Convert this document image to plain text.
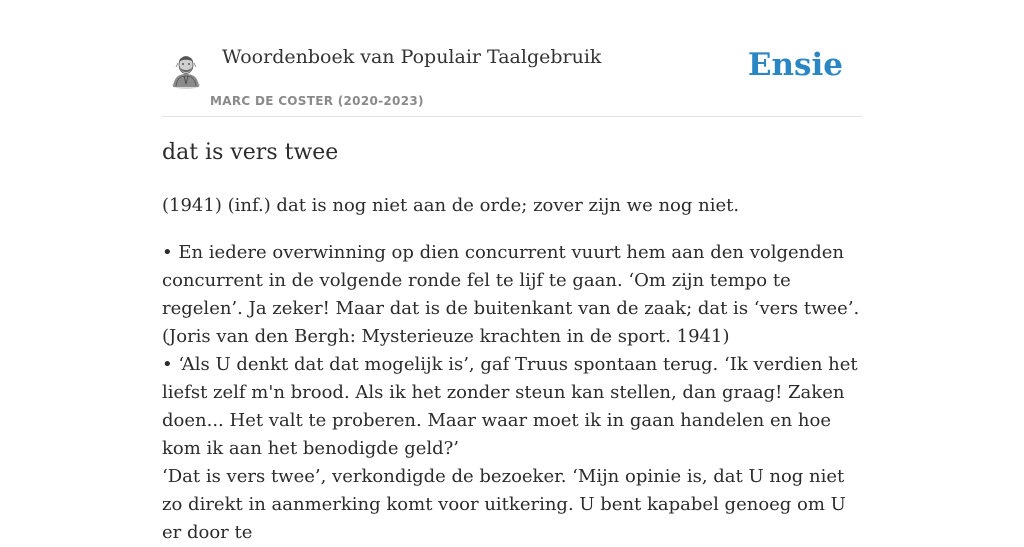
Woordenboek van Populair Taalgebruik
MARC DE COSTER (2020-2023)
Ensie
dat is vers twee

(1941) (inf.) dat is nog niet aan de orde; zover zijn we nog niet.

• En iedere overwinning op dien concurrent vuurt hem aan den volgenden concurrent in de volgende ronde fel te lijf te gaan. ‘Om zijn tempo te regelen’. Ja zeker! Maar dat is de buitenkant van de zaak; dat is ‘vers twee’. (Joris van den Bergh: Mysterieuze krachten in de sport. 1941)

• ‘Als U denkt dat dat mogelijk is’, gaf Truus spontaan terug. ‘Ik verdien het liefst zelf m'n brood. Als ik het zonder steun kan stellen, dan graag! Zaken doen... Het valt te proberen. Maar waar moet ik in gaan handelen en hoe kom ik aan het benodigde geld?’

‘Dat is vers twee’, verkondigde de bezoeker. ‘Mijn opinie is, dat U nog niet zo direkt in aanmerking komt voor uitkering. U bent kapabel genoeg om U er door te
